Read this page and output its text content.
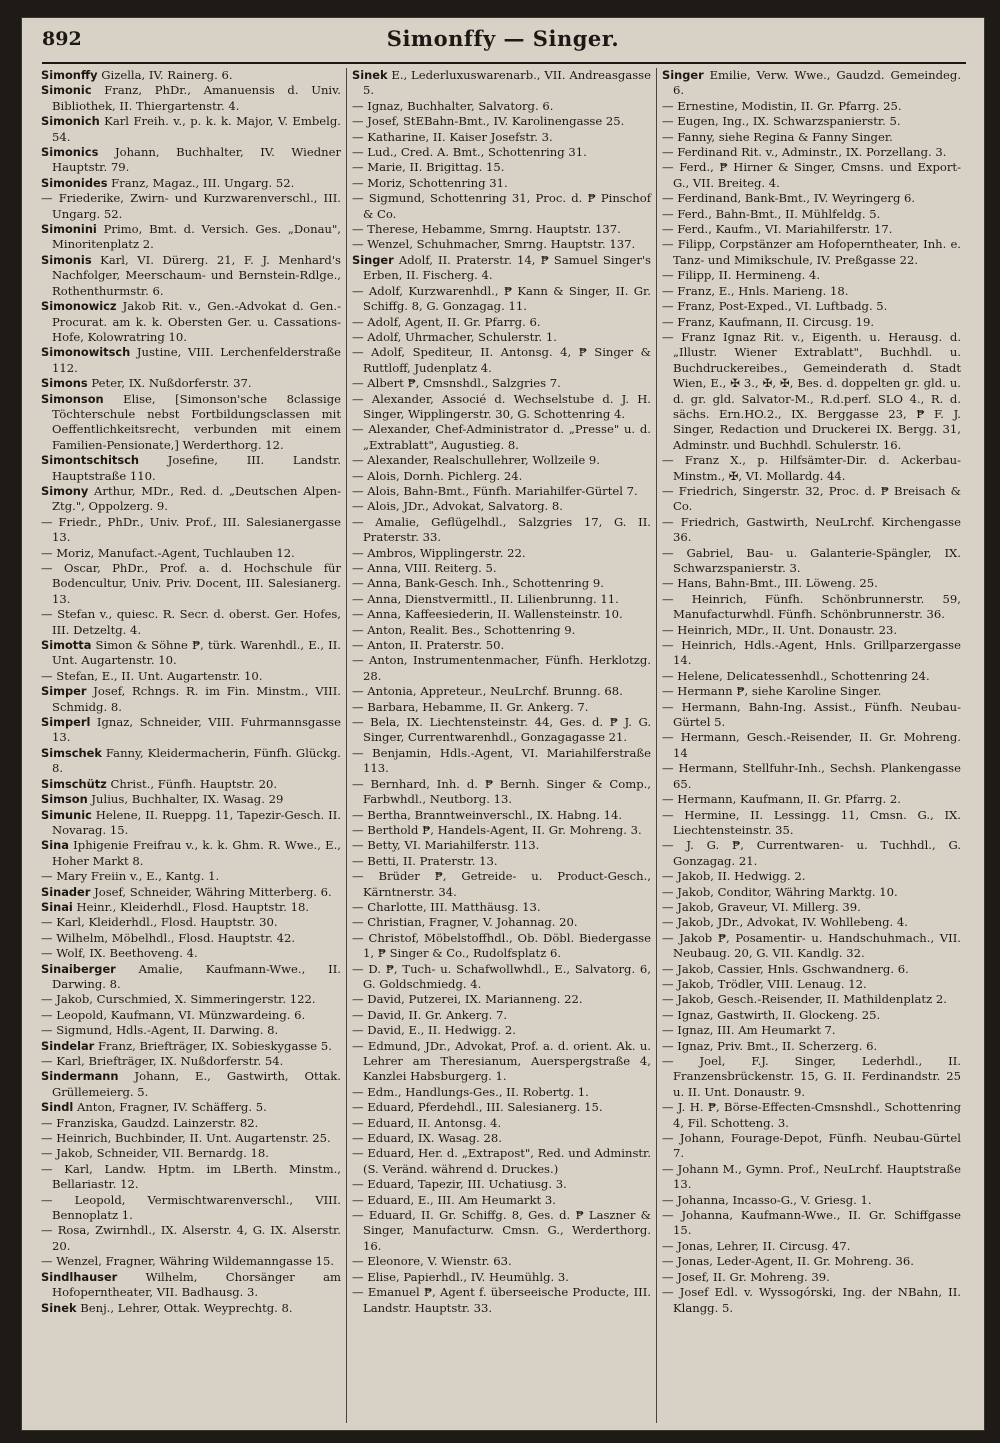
892	Simonffy — Singer.

Simonffy Gizella, IV. Rainerg. 6.

Simonic Franz, PhDr., Amanuensis d. Univ. Bibliothek, II. Thiergartenstr. 4.

Simonich Karl Freih. v., p. k. k. Major, V. Embelg. 54.

Simonics Johann, Buchhalter, IV. Wiedner Hauptstr. 79.

Simonides Franz, Magaz., III. Ungarg. 52.

— Friederike, Zwirn- und Kurzwarenverschl., III. Ungarg. 52.

Simonini Primo, Bmt. d. Versich. Ges. „Donau", Minoritenplatz 2.

Simonis Karl, VI. Dürerg. 21, F. J. Menhard's Nachfolger, Meerschaum- und Bernstein-Rdlge., Rothenthurmstr. 6.

Simonowicz Jakob Rit. v., Gen.-Advokat d. Gen.-Procurat. am k. k. Obersten Ger. u. Cassations-Hofe, Kolowratring 10.

Simonowitsch Justine, VIII. Lerchenfelderstraße 112.

Simons Peter, IX. Nußdorferstr. 37.

Simonson Elise, [Simonson'sche 8classige Töchterschule nebst Fortbildungsclassen mit Oeffentlichkeitsrecht, verbunden mit einem Familien-Pensionate,] Werderthorg. 12.

Simontschitsch Josefine, III. Landstr. Hauptstraße 110.

Simony Arthur, MDr., Red. d. „Deutschen Alpen-Ztg.", Oppolzerg. 9.

— Friedr., PhDr., Univ. Prof., III. Salesianergasse 13.

— Moriz, Manufact.-Agent, Tuchlauben 12.

— Oscar, PhDr., Prof. a. d. Hochschule für Bodencultur, Univ. Priv. Docent, III. Salesianerg. 13.

— Stefan v., quiesc. R. Secr. d. oberst. Ger. Hofes, III. Detzeltg. 4.

Simotta Simon & Söhne ₱, türk. Warenhdl., E., II. Unt. Augartenstr. 10.

— Stefan, E., II. Unt. Augartenstr. 10.

Simper Josef, Rchngs. R. im Fin. Minstm., VIII. Schmidg. 8.

Simperl Ignaz, Schneider, VIII. Fuhrmannsgasse 13.

Simschek Fanny, Kleidermacherin, Fünfh. Glückg. 8.

Simschütz Christ., Fünfh. Hauptstr. 20.

Simson Julius, Buchhalter, IX. Wasag. 29

Simunic Helene, II. Rueppg. 11, Tapezir-Gesch. II. Novarag. 15.

Sina Iphigenie Freifrau v., k. k. Ghm. R. Wwe., E., Hoher Markt 8.

— Mary Freiin v., E., Kantg. 1.

Sinader Josef, Schneider, Währing Mitterberg. 6.

Sinai Heinr., Kleiderhdl., Flosd. Hauptstr. 18.

— Karl, Kleiderhdl., Flosd. Hauptstr. 30.

— Wilhelm, Möbelhdl., Flosd. Hauptstr. 42.

— Wolf, IX. Beethoveng. 4.

Sinaiberger Amalie, Kaufmann-Wwe., II. Darwing. 8.

— Jakob, Curschmied, X. Simmeringerstr. 122.

— Leopold, Kaufmann, VI. Münzwardeing. 6.

— Sigmund, Hdls.-Agent, II. Darwing. 8.

Sindelar Franz, Briefträger, IX. Sobieskygasse 5.

— Karl, Briefträger, IX. Nußdorferstr. 54.

Sindermann Johann, E., Gastwirth, Ottak. Grüllemeierg. 5.

Sindl Anton, Fragner, IV. Schäfferg. 5.

— Franziska, Gaudzd. Lainzerstr. 82.

— Heinrich, Buchbinder, II. Unt. Augartenstr. 25.

— Jakob, Schneider, VII. Bernardg. 18.

— Karl, Landw. Hptm. im LBerth. Minstm., Bellariastr. 12.

— Leopold, Vermischtwarenverschl., VIII. Bennoplatz 1.

— Rosa, Zwirnhdl., IX. Alserstr. 4, G. IX. Alserstr. 20.

— Wenzel, Fragner, Währing Wildemanngasse 15.

Sindlhauser Wilhelm, Chorsänger am Hofoperntheater, VII. Badhausg. 3.

Sinek Benj., Lehrer, Ottak. Weyprechtg. 8.

Sinek E., Lederluxuswarenarb., VII. Andreasgasse 5.

— Ignaz, Buchhalter, Salvatorg. 6.

— Josef, StEBahn-Bmt., IV. Karolinengasse 25.

— Katharine, II. Kaiser Josefstr. 3.

— Lud., Cred. A. Bmt., Schottenring 31.

— Marie, II. Brigittag. 15.

— Moriz, Schottenring 31.

— Sigmund, Schottenring 31, Proc. d. ₱ Pinschof & Co.

— Therese, Hebamme, Smrng. Hauptstr. 137.

— Wenzel, Schuhmacher, Smrng. Hauptstr. 137.

Singer Adolf, II. Praterstr. 14, ₱ Samuel Singer's Erben, II. Fischerg. 4.

— Adolf, Kurzwarenhdl., ₱ Kann & Singer, II. Gr. Schiffg. 8, G. Gonzagag. 11.

— Adolf, Agent, II. Gr. Pfarrg. 6.

— Adolf, Uhrmacher, Schulerstr. 1.

— Adolf, Spediteur, II. Antonsg. 4, ₱ Singer & Ruttloff, Judenplatz 4.

— Albert ₱, Cmsnshdl., Salzgries 7.

— Alexander, Associé d. Wechselstube d. J. H. Singer, Wipplingerstr. 30, G. Schottenring 4.

— Alexander, Chef-Administrator d. „Presse" u. d. „Extrablatt", Augustieg. 8.

— Alexander, Realschullehrer, Wollzeile 9.

— Alois, Dornh. Pichlerg. 24.

— Alois, Bahn-Bmt., Fünfh. Mariahilfer-Gürtel 7.

— Alois, JDr., Advokat, Salvatorg. 8.

— Amalie, Geflügelhdl., Salzgries 17, G. II. Praterstr. 33.

— Ambros, Wipplingerstr. 22.

— Anna, VIII. Reiterg. 5.

— Anna, Bank-Gesch. Inh., Schottenring 9.

— Anna, Dienstvermittl., II. Lilienbrunng. 11.

— Anna, Kaffeesiederin, II. Wallensteinstr. 10.

— Anton, Realit. Bes., Schottenring 9.

— Anton, II. Praterstr. 50.

— Anton, Instrumentenmacher, Fünfh. Herklotzg. 28.

— Antonia, Appreteur., NeuLrchf. Brunng. 68.

— Barbara, Hebamme, II. Gr. Ankerg. 7.

— Bela, IX. Liechtensteinstr. 44, Ges. d. ₱ J. G. Singer, Currentwarenhdl., Gonzagagasse 21.

— Benjamin, Hdls.-Agent, VI. Mariahilferstraße 113.

— Bernhard, Inh. d. ₱ Bernh. Singer & Comp., Farbwhdl., Neutborg. 13.

— Bertha, Branntweinverschl., IX. Habng. 14.

— Berthold ₱, Handels-Agent, II. Gr. Mohreng. 3.

— Betty, VI. Mariahilferstr. 113.

— Betti, II. Praterstr. 13.

— Brüder ₱, Getreide- u. Product-Gesch., Kärntnerstr. 34.

— Charlotte, III. Matthäusg. 13.

— Christian, Fragner, V. Johannag. 20.

— Christof, Möbelstoffhdl., Ob. Döbl. Biedergasse 1, ₱ Singer & Co., Rudolfsplatz 6.

— D. ₱, Tuch- u. Schafwollwhdl., E., Salvatorg. 6, G. Goldschmiedg. 4.

— David, Putzerei, IX. Marianneng. 22.

— David, II. Gr. Ankerg. 7.

— David, E., II. Hedwigg. 2.

— Edmund, JDr., Advokat, Prof. a. d. orient. Ak. u. Lehrer am Theresianum, Auerspergstraße 4, Kanzlei Habsburgerg. 1.

— Edm., Handlungs-Ges., II. Robertg. 1.

— Eduard, Pferdehdl., III. Salesianerg. 15.

— Eduard, II. Antonsg. 4.

— Eduard, IX. Wasag. 28.

— Eduard, Her. d. „Extrapost", Red. und Adminstr. (S. Veränd. während d. Druckes.)

— Eduard, Tapezir, III. Uchatiusg. 3.

— Eduard, E., III. Am Heumarkt 3.

— Eduard, II. Gr. Schiffg. 8, Ges. d. ₱ Laszner & Singer, Manufacturw. Cmsn. G., Werderthorg. 16.

— Eleonore, V. Wienstr. 63.

— Elise, Papierhdl., IV. Heumühlg. 3.

— Emanuel ₱, Agent f. überseeische Producte, III. Landstr. Hauptstr. 33.

Singer Emilie, Verw. Wwe., Gaudzd. Gemeindeg. 6.

— Ernestine, Modistin, II. Gr. Pfarrg. 25.

— Eugen, Ing., IX. Schwarzspanierstr. 5.

— Fanny, siehe Regina & Fanny Singer.

— Ferdinand Rit. v., Adminstr., IX. Porzellang. 3.

— Ferd., ₱ Hirner & Singer, Cmsns. und Export-G., VII. Breiteg. 4.

— Ferdinand, Bank-Bmt., IV. Weyringerg 6.

— Ferd., Bahn-Bmt., II. Mühlfeldg. 5.

— Ferd., Kaufm., VI. Mariahilferstr. 17.

— Filipp, Corpstänzer am Hofoperntheater, Inh. e. Tanz- und Mimikschule, IV. Preßgasse 22.

— Filipp, II. Hermineng. 4.

— Franz, E., Hnls. Marieng. 18.

— Franz, Post-Exped., VI. Luftbadg. 5.

— Franz, Kaufmann, II. Circusg. 19.

— Franz Ignaz Rit. v., Eigenth. u. Herausg. d. „Illustr. Wiener Extrablatt", Buchhdl. u. Buchdruckereibes., Gemeinderath d. Stadt Wien, E., ✠ 3., ✠, ✠, Bes. d. doppelten gr. gld. u. d. gr. gld. Salvator-M., R.d.perf. SLO 4., R. d. sächs. Ern.HO.2., IX. Berggasse 23, ₱ F. J. Singer, Redaction und Druckerei IX. Bergg. 31, Adminstr. und Buchhdl. Schulerstr. 16.

— Franz X., p. Hilfsämter-Dir. d. Ackerbau-Minstm., ✠, VI. Mollardg. 44.

— Friedrich, Singerstr. 32, Proc. d. ₱ Breisach & Co.

— Friedrich, Gastwirth, NeuLrchf. Kirchengasse 36.

— Gabriel, Bau- u. Galanterie-Spängler, IX. Schwarzspanierstr. 3.

— Hans, Bahn-Bmt., III. Löweng. 25.

— Heinrich, Fünfh. Schönbrunnerstr. 59, Manufacturwhdl. Fünfh. Schönbrunnerstr. 36.

— Heinrich, MDr., II. Unt. Donaustr. 23.

— Heinrich, Hdls.-Agent, Hnls. Grillparzergasse 14.

— Helene, Delicatessenhdl., Schottenring 24.

— Hermann ₱, siehe Karoline Singer.

— Hermann, Bahn-Ing. Assist., Fünfh. Neubau-Gürtel 5.

— Hermann, Gesch.-Reisender, II. Gr. Mohreng. 14

— Hermann, Stellfuhr-Inh., Sechsh. Plankengasse 65.

— Hermann, Kaufmann, II. Gr. Pfarrg. 2.

— Hermine, II. Lessingg. 11, Cmsn. G., IX. Liechtensteinstr. 35.

— J. G. ₱, Currentwaren- u. Tuchhdl., G. Gonzagag. 21.

— Jakob, II. Hedwigg. 2.

— Jakob, Conditor, Währing Marktg. 10.

— Jakob, Graveur, VI. Millerg. 39.

— Jakob, JDr., Advokat, IV. Wohllebeng. 4.

— Jakob ₱, Posamentir- u. Handschuhmach., VII. Neubaug. 20, G. VII. Kandlg. 32.

— Jakob, Cassier, Hnls. Gschwandnerg. 6.

— Jakob, Trödler, VIII. Lenaug. 12.

— Jakob, Gesch.-Reisender, II. Mathildenplatz 2.

— Ignaz, Gastwirth, II. Glockeng. 25.

— Ignaz, III. Am Heumarkt 7.

— Ignaz, Priv. Bmt., II. Scherzerg. 6.

— Joel, F.J. Singer, Lederhdl., II. Franzensbrückenstr. 15, G. II. Ferdinandstr. 25 u. II. Unt. Donaustr. 9.

— J. H. ₱, Börse-Effecten-Cmsnshdl., Schottenring 4, Fil. Schotteng. 3.

— Johann, Fourage-Depot, Fünfh. Neubau-Gürtel 7.

— Johann M., Gymn. Prof., NeuLrchf. Hauptstraße 13.

— Johanna, Incasso-G., V. Griesg. 1.

— Johanna, Kaufmann-Wwe., II. Gr. Schiffgasse 15.

— Jonas, Lehrer, II. Circusg. 47.

— Jonas, Leder-Agent, II. Gr. Mohreng. 36.

— Josef, II. Gr. Mohreng. 39.

— Josef Edl. v. Wyssogórski, Ing. der NBahn, II. Klangg. 5.
